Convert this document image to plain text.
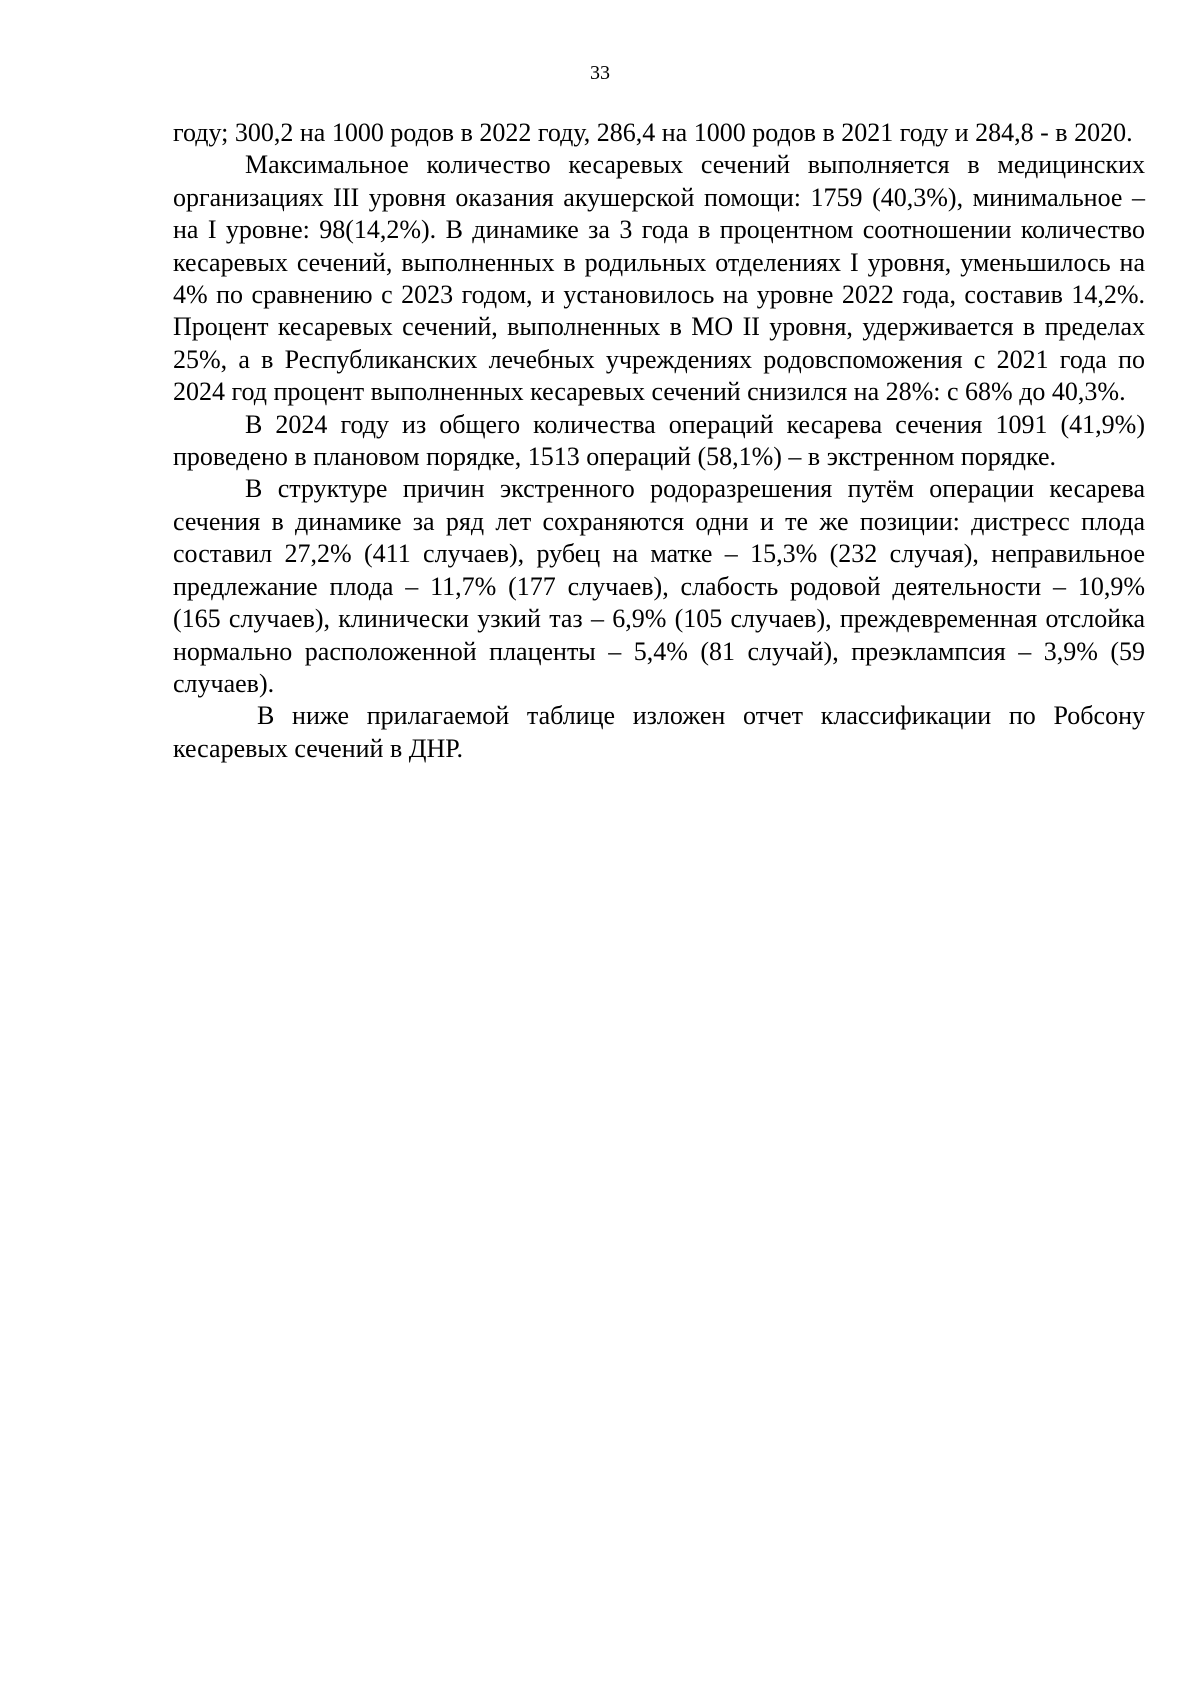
33

году; 300,2 на 1000 родов в 2022 году, 286,4 на 1000 родов в 2021 году и 284,8 - в 2020.

Максимальное количество кесаревых сечений выполняется в медицинских организациях III уровня оказания акушерской помощи: 1759 (40,3%), минимальное – на I уровне: 98(14,2%). В динамике за 3 года в процентном соотношении количество кесаревых сечений, выполненных в родильных отделениях I уровня, уменьшилось на 4% по сравнению с 2023 годом, и установилось на уровне 2022 года, составив 14,2%. Процент кесаревых сечений, выполненных в МО II уровня, удерживается в пределах 25%, а в Республиканских лечебных учреждениях родовспоможения с 2021 года по 2024 год процент выполненных кесаревых сечений снизился на 28%: с 68% до 40,3%.

В 2024 году из общего количества операций кесарева сечения 1091 (41,9%) проведено в плановом порядке, 1513 операций (58,1%) – в экстренном порядке.

В структуре причин экстренного родоразрешения путём операции кесарева сечения в динамике за ряд лет сохраняются одни и те же позиции: дистресс плода составил 27,2% (411 случаев), рубец на матке – 15,3% (232 случая), неправильное предлежание плода – 11,7% (177 случаев), слабость родовой деятельности – 10,9% (165 случаев), клинически узкий таз – 6,9% (105 случаев), преждевременная отслойка нормально расположенной плаценты – 5,4% (81 случай), преэклампсия – 3,9% (59 случаев).

В ниже прилагаемой таблице изложен отчет классификации по Робсону кесаревых сечений в ДНР.
